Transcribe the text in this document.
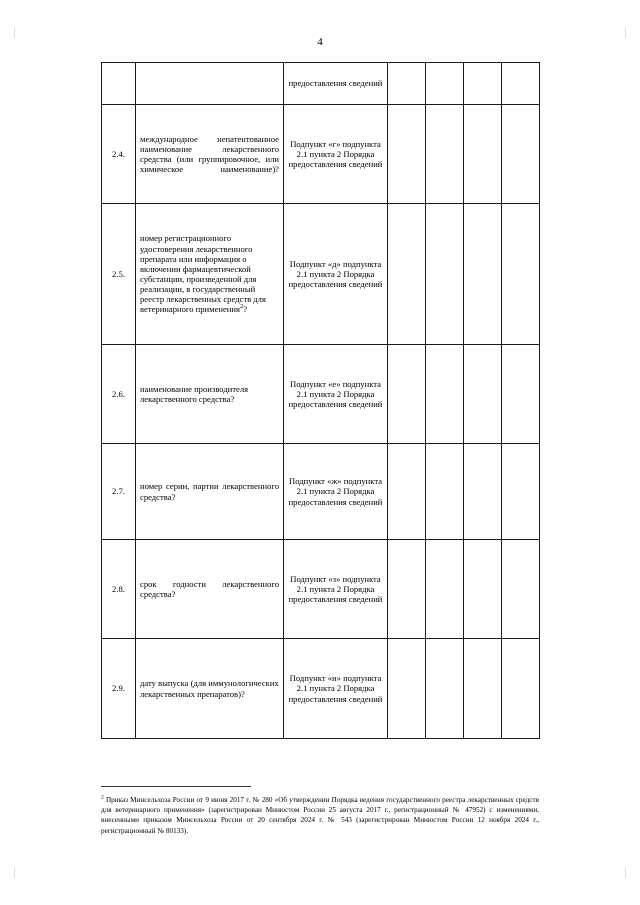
4
		предоставления сведений				
2.4.	международное непатентованное наименование лекарственного средства (или группировочное, или химическое наименование)?	Подпункт «г» подпункта 2.1 пункта 2 Порядка предоставления сведений				
2.5.	номер регистрационного удостоверения лекарственного препарата или информация о включении фармацевтической субстанции, произведенной для реализации, в государственный реестр лекарственных средств для ветеринарного применения$^2$?	Подпункт «д» подпункта 2.1 пункта 2 Порядка предоставления сведений				
2.6.	наименование производителя лекарственного средства?	Подпункт «е» подпункта 2.1 пункта 2 Порядка предоставления сведений				
2.7.	номер серии, партии лекарственного средства?	Подпункт «ж» подпункта 2.1 пункта 2 Порядка предоставления сведений				
2.8.	срок годности лекарственного средства?	Подпункт «з» подпункта 2.1 пункта 2 Порядка предоставления сведений				
2.9.	дату выпуска (для иммунологических лекарственных препаратов)?	Подпункт «и» подпункта 2.1 пункта 2 Порядка предоставления сведений				
$^2$ Приказ Минсельхоза России от 9 июня 2017 г. № 280 «Об утверждении Порядка ведения государственного реестра лекарственных средств для ветеринарного применения» (зарегистрирован Минюстом России 25 августа 2017 г., регистрационный № 47952) с изменениями, внесенными приказом Минсельхоза России от 20 сентября 2024 г. № 543 (зарегистрирован Минюстом России 12 ноября 2024 г., регистрационный № 80133).
